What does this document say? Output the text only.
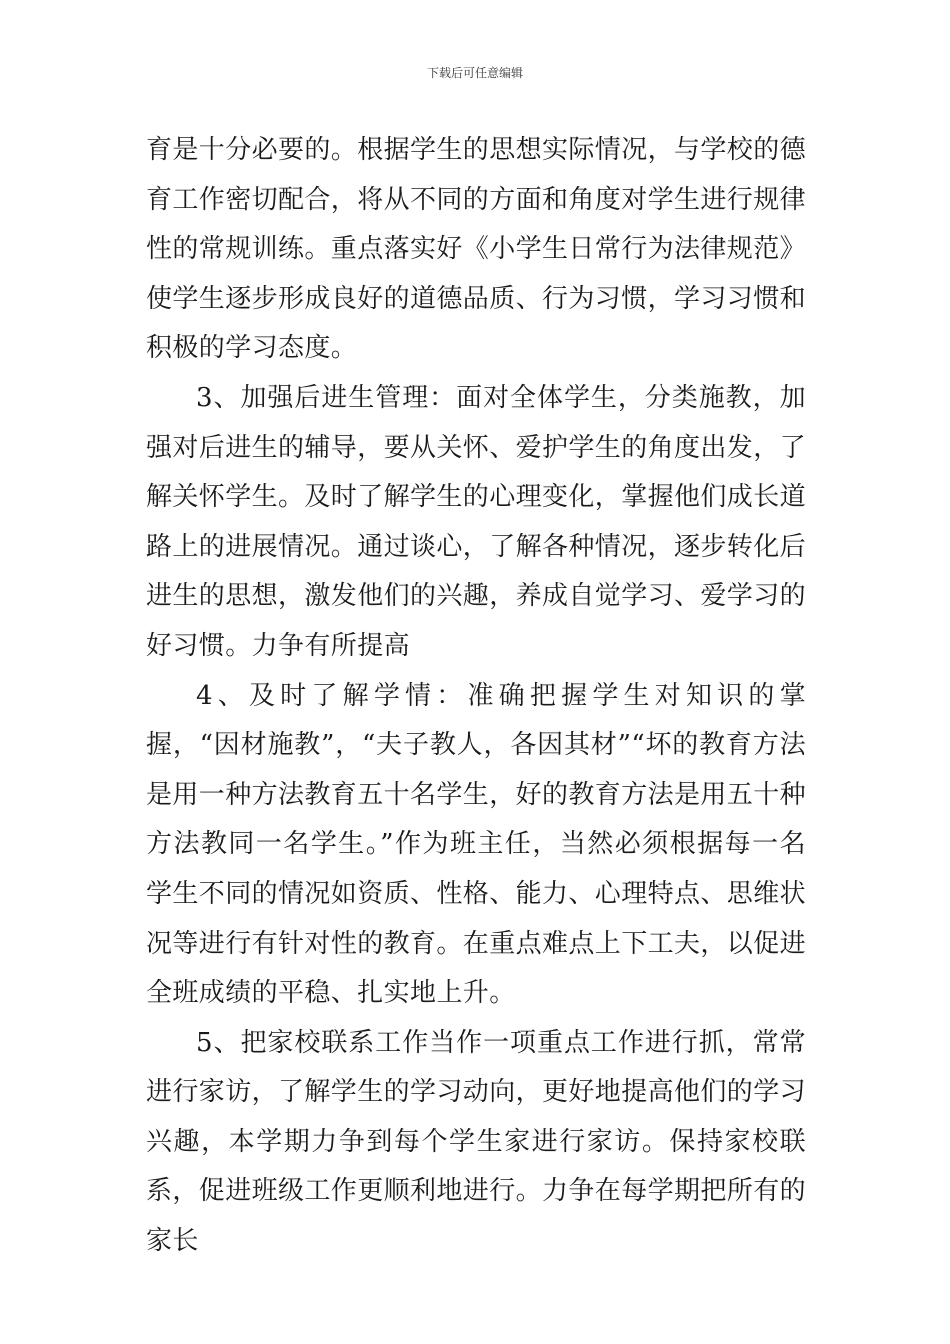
下载后可任意编辑

育是十分必要的。根据学生的思想实际情况，与学校的德育工作密切配合，将从不同的方面和角度对学生进行规律性的常规训练。重点落实好《小学生日常行为法律规范》使学生逐步形成良好的道德品质、行为习惯，学习习惯和积极的学习态度。

3、加强后进生管理：面对全体学生，分类施教，加强对后进生的辅导，要从关怀、爱护学生的角度出发，了解关怀学生。及时了解学生的心理变化，掌握他们成长道路上的进展情况。通过谈心，了解各种情况，逐步转化后进生的思想，激发他们的兴趣，养成自觉学习、爱学习的好习惯。力争有所提高

4、及时了解学情：准确把握学生对知识的掌握，“因材施教”，“夫子教人，各因其材”“坏的教育方法是用一种方法教育五十名学生，好的教育方法是用五十种方法教同一名学生。”作为班主任，当然必须根据每一名学生不同的情况如资质、性格、能力、心理特点、思维状况等进行有针对性的教育。在重点难点上下工夫，以促进全班成绩的平稳、扎实地上升。

5、把家校联系工作当作一项重点工作进行抓，常常进行家访，了解学生的学习动向，更好地提高他们的学习兴趣，本学期力争到每个学生家进行家访。保持家校联系，促进班级工作更顺利地进行。力争在每学期把所有的家长
